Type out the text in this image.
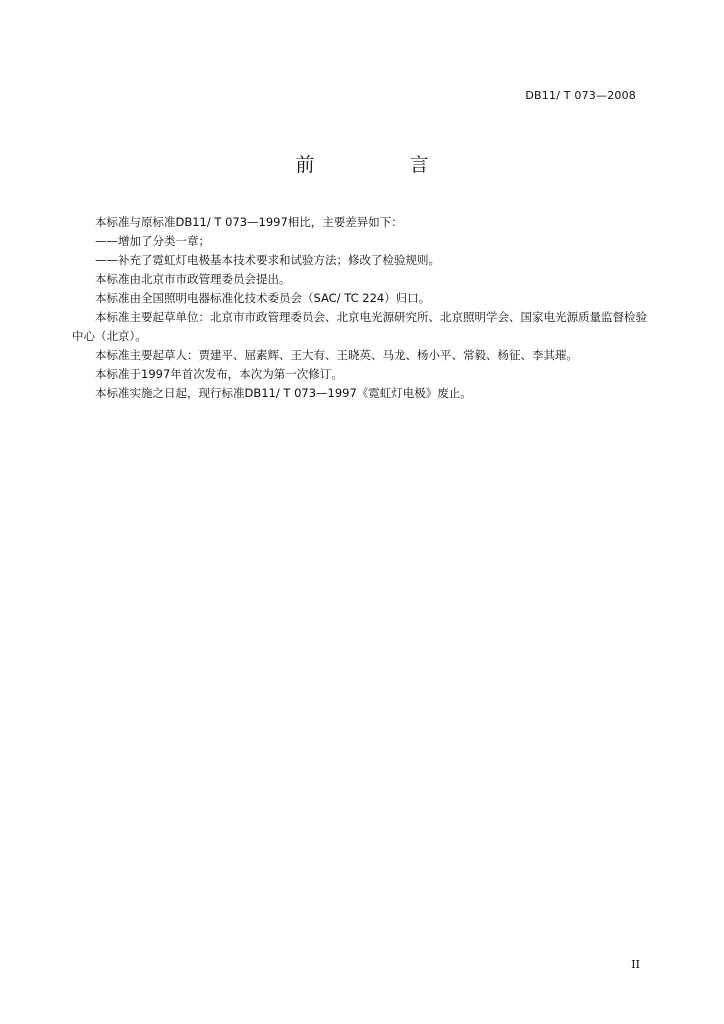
DB11/ T 073—2008
前　言

本标准与原标准DB11/ T 073—1997相比，主要差异如下：

——增加了分类一章；

——补充了霓虹灯电极基本技术要求和试验方法；修改了检验规则。

本标准由北京市市政管理委员会提出。

本标准由全国照明电器标准化技术委员会（SAC/ TC 224）归口。

本标准主要起草单位：北京市市政管理委员会、北京电光源研究所、北京照明学会、国家电光源质量监督检验中心（北京）。

本标准主要起草人：贾建平、屈素辉、王大有、王晓英、马龙、杨小平、常毅、杨征、李其璀。

本标准于1997年首次发布，本次为第一次修订。

本标准实施之日起，现行标准DB11/ T 073—1997《霓虹灯电极》废止。

II
